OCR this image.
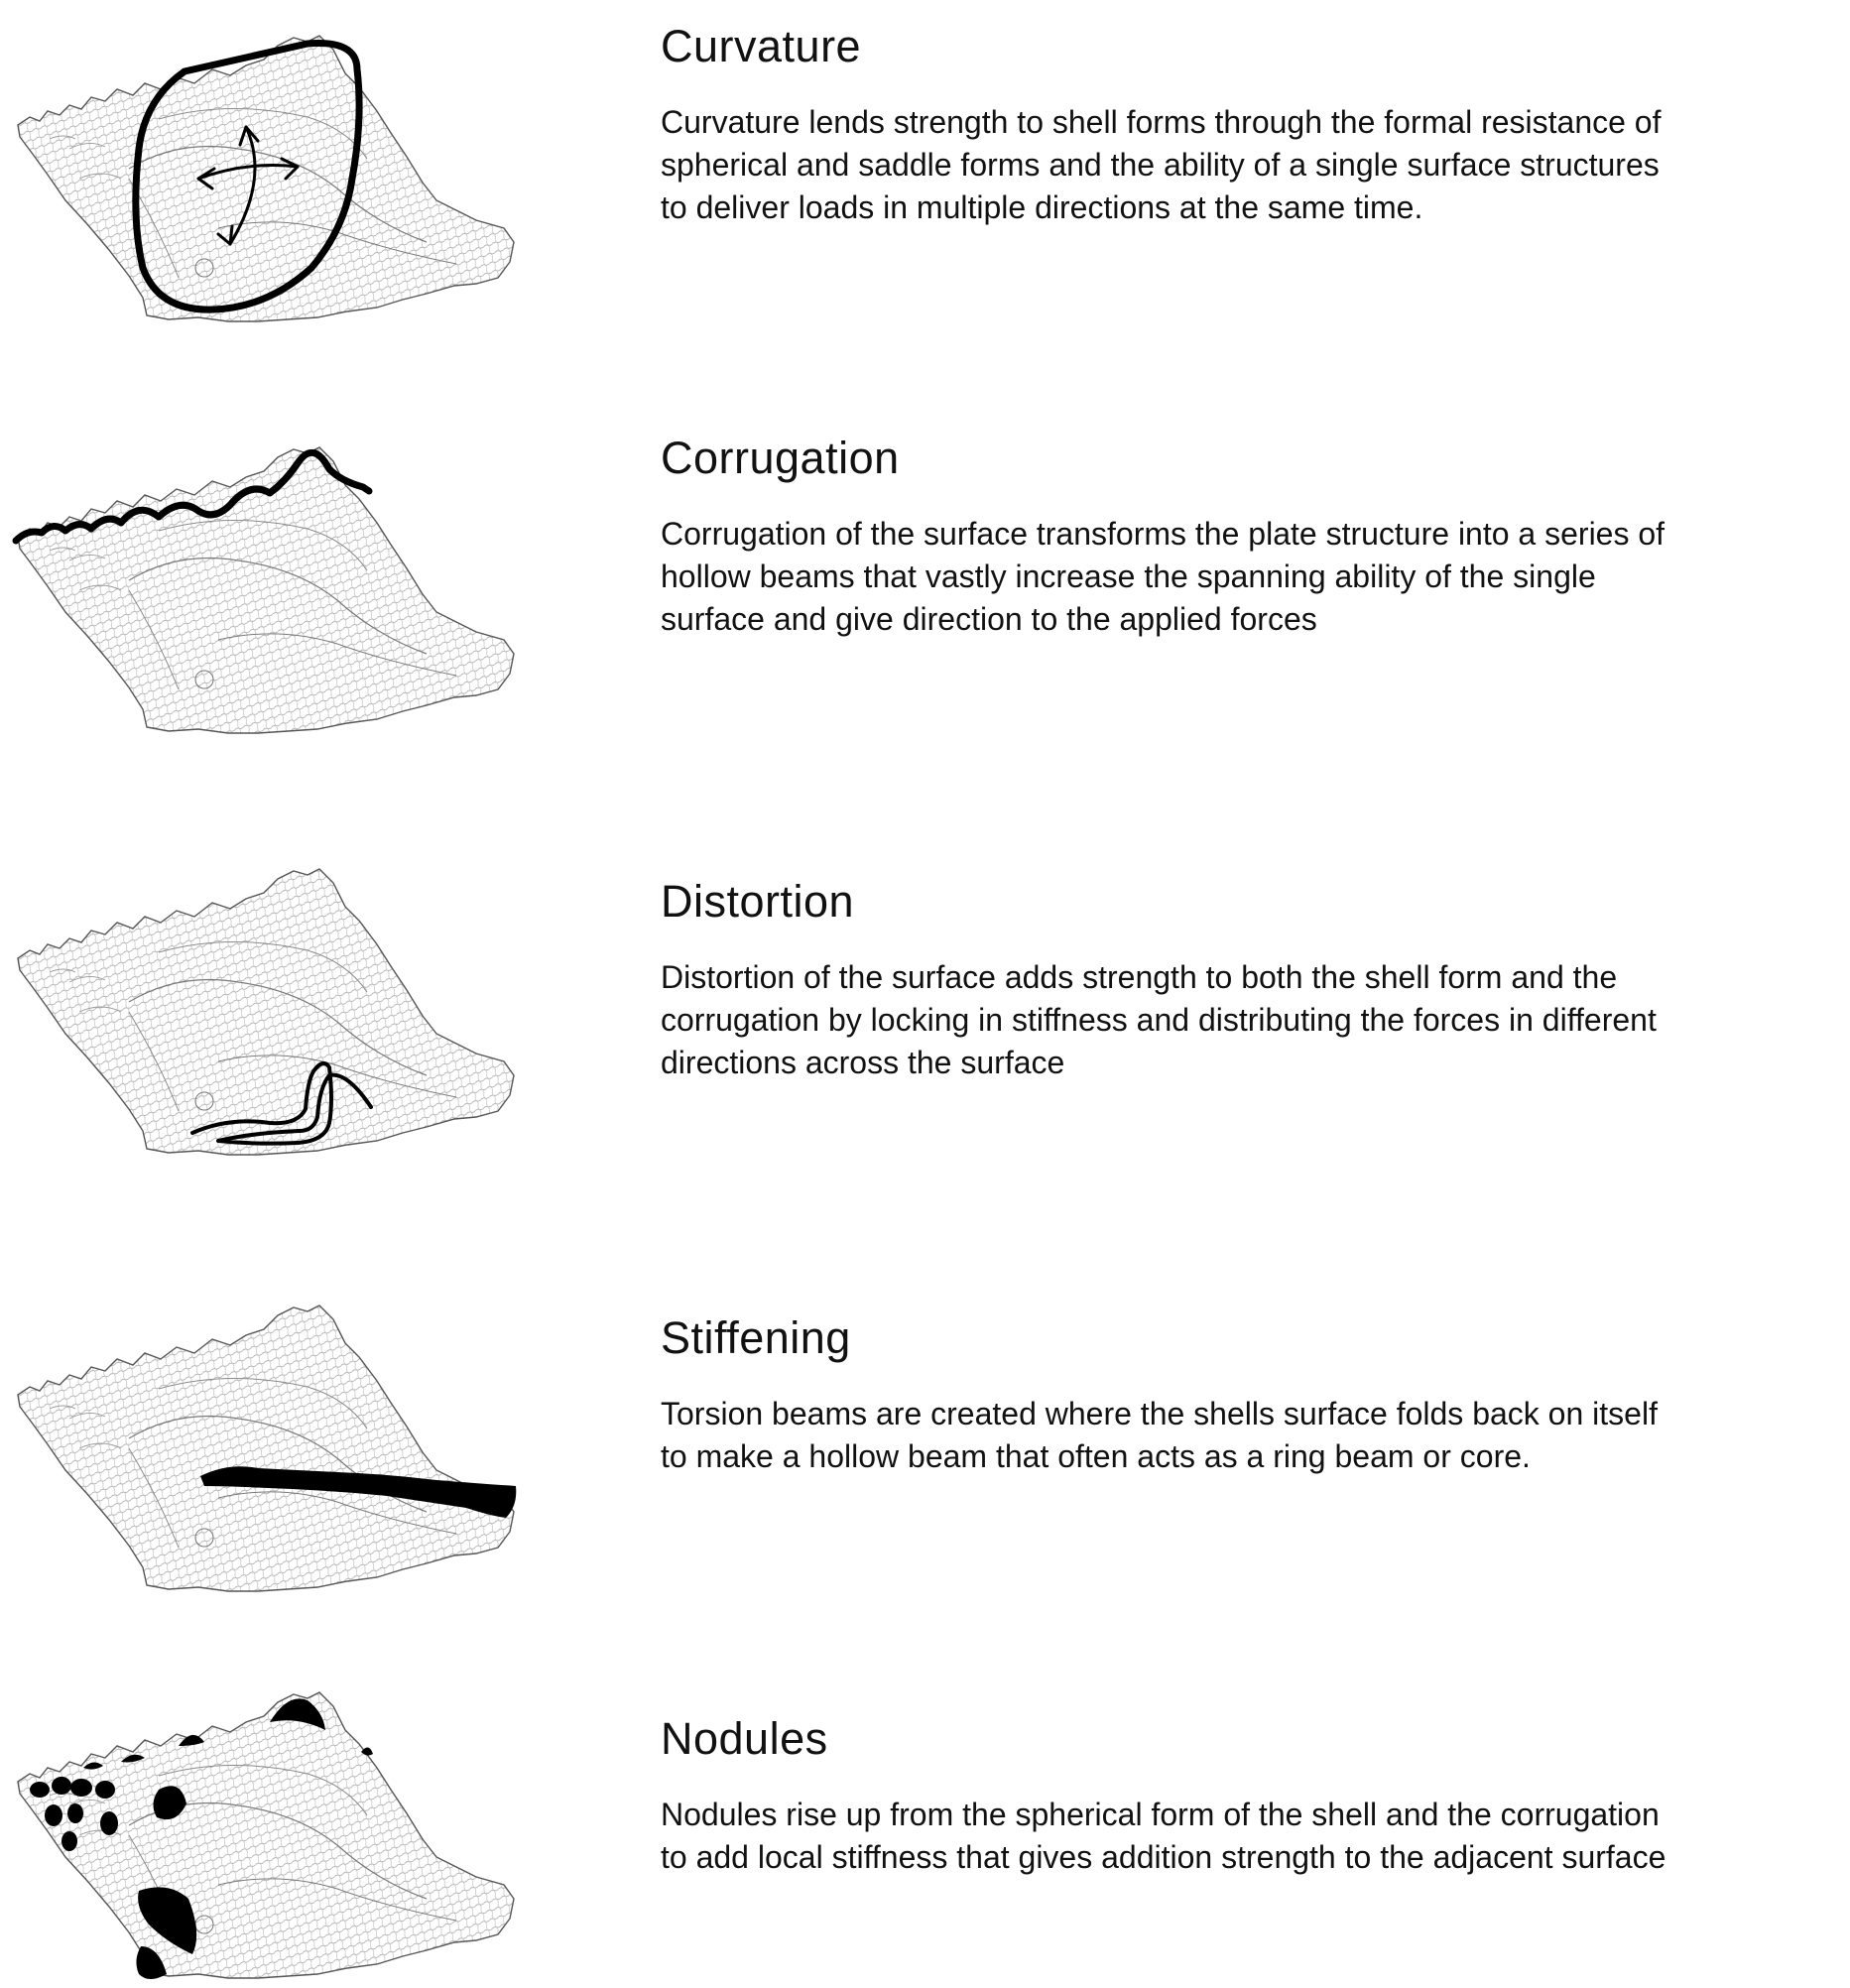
Curvature

Curvature lends strength to shell forms through the formal resistance of
spherical and saddle forms and the ability of a single surface structures
to deliver loads in multiple directions at the same time.

Corrugation

Corrugation of the surface transforms the plate structure into a series of
hollow beams that vastly increase the spanning ability of the single
surface and give direction to the applied forces

Distortion

Distortion of the surface adds strength to both the shell form and the
corrugation by locking in stiffness and distributing the forces in different
directions across the surface

Stiffening

Torsion beams are created where the shells surface folds back on itself
to make a hollow beam that often acts as a ring beam or core.

Nodules

Nodules rise up from the spherical form of the shell and the corrugation
to add local stiffness that gives addition strength to the adjacent surface
